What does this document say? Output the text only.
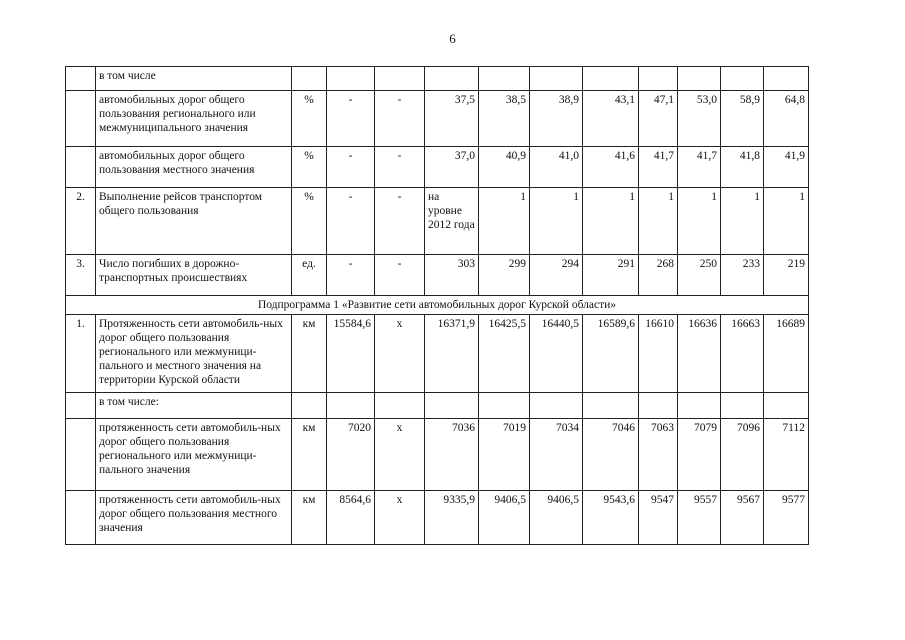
6
	в том числе											
	автомобильных дорог общего пользования регионального или межмуниципального значения	%	-	-	37,5	38,5	38,9	43,1	47,1	53,0	58,9	64,8
	автомобильных дорог общего пользования местного значения	%	-	-	37,0	40,9	41,0	41,6	41,7	41,7	41,8	41,9
2.	Выполнение рейсов транспортом общего пользования	%	-	-	на уровне 2012 года	1	1	1	1	1	1	1
3.	Число погибших в дорожно-транспортных происшествиях	ед.	-	-	303	299	294	291	268	250	233	219
Подпрограмма 1 «Развитие сети автомобильных дорог Курской области»												
1.	Протяженность сети автомобиль-ных дорог общего пользования регионального или межмуници-пального и местного значения на территории Курской области	км	15584,6	x	16371,9	16425,5	16440,5	16589,6	16610	16636	16663	16689
	в том числе:											
	протяженность сети автомобиль-ных дорог общего пользования регионального или межмуници-пального значения	км	7020	x	7036	7019	7034	7046	7063	7079	7096	7112
	протяженность сети автомобиль-ных дорог общего пользования местного значения	км	8564,6	x	9335,9	9406,5	9406,5	9543,6	9547	9557	9567	9577
